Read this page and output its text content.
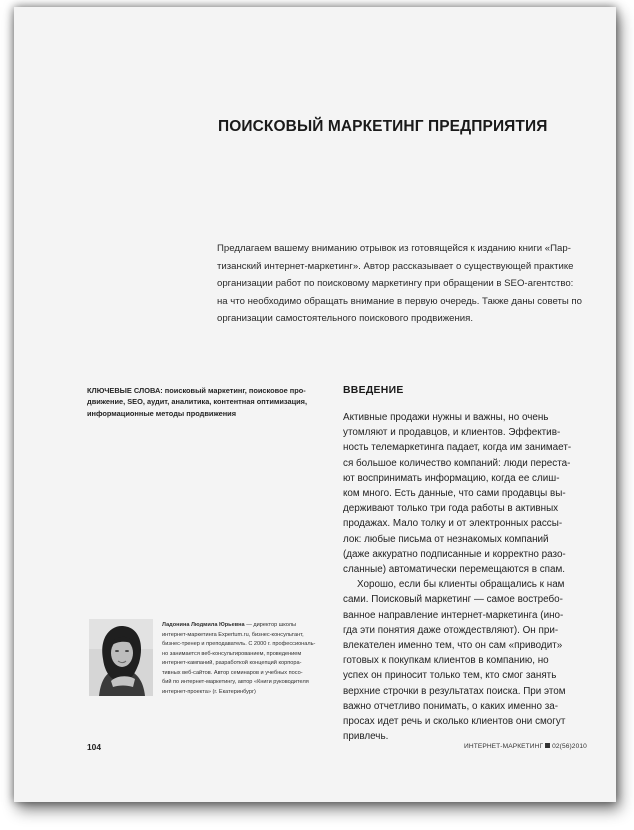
ПОИСКОВЫЙ МАРКЕТИНГ ПРЕДПРИЯТИЯ
Предлагаем вашему вниманию отрывок из готовящейся к изданию книги «Пар-
тизанский интернет-маркетинг». Автор рассказывает о существующей практике
организации работ по поисковому маркетингу при обращении в SEO-агентство:
на что необходимо обращать внимание в первую очередь. Также даны советы по
организации самостоятельного поискового продвижения.
КЛЮЧЕВЫЕ СЛОВА: поисковый маркетинг, поисковое про-
движение, SEO, аудит, аналитика, контентная оптимизация,
информационные методы продвижения
ВВЕДЕНИЕ
Активные продажи нужны и важны, но очень
утомляют и продавцов, и клиентов. Эффектив-
ность телемаркетинга падает, когда им занимает-
ся большое количество компаний: люди переста-
ют воспринимать информацию, когда ее слиш-
ком много. Есть данные, что сами продавцы вы-
держивают только три года работы в активных
продажах. Мало толку и от электронных рассы-
лок: любые письма от незнакомых компаний
(даже аккуратно подписанные и корректно разо-
сланные) автоматически перемещаются в спам.
Хорошо, если бы клиенты обращались к нам
сами. Поисковый маркетинг — самое востребо-
ванное направление интернет-маркетинга (ино-
гда эти понятия даже отождествляют). Он при-
влекателен именно тем, что он сам «приводит»
готовых к покупкам клиентов в компанию, но
успех он приносит только тем, кто смог занять
верхние строчки в результатах поиска. При этом
важно отчетливо понимать, о каких именно за-
просах идет речь и сколько клиентов они смогут
привлечь.
Ладонина Людмила Юрьевна — директор школы
интернет-маркетинга Expertum.ru, бизнес-консультант,
бизнес-тренер и преподаватель. С 2000 г. профессиональ-
но занимается веб-консультированием, проведением
интернет-кампаний, разработкой концепций корпора-
тивных веб-сайтов. Автор семинаров и учебных посо-
бий по интернет-маркетингу, автор «Книги руководителя
интернет-проекта» (г. Екатеринбург)
104	ИНТЕРНЕТ-МАРКЕТИНГ 02(56)2010
